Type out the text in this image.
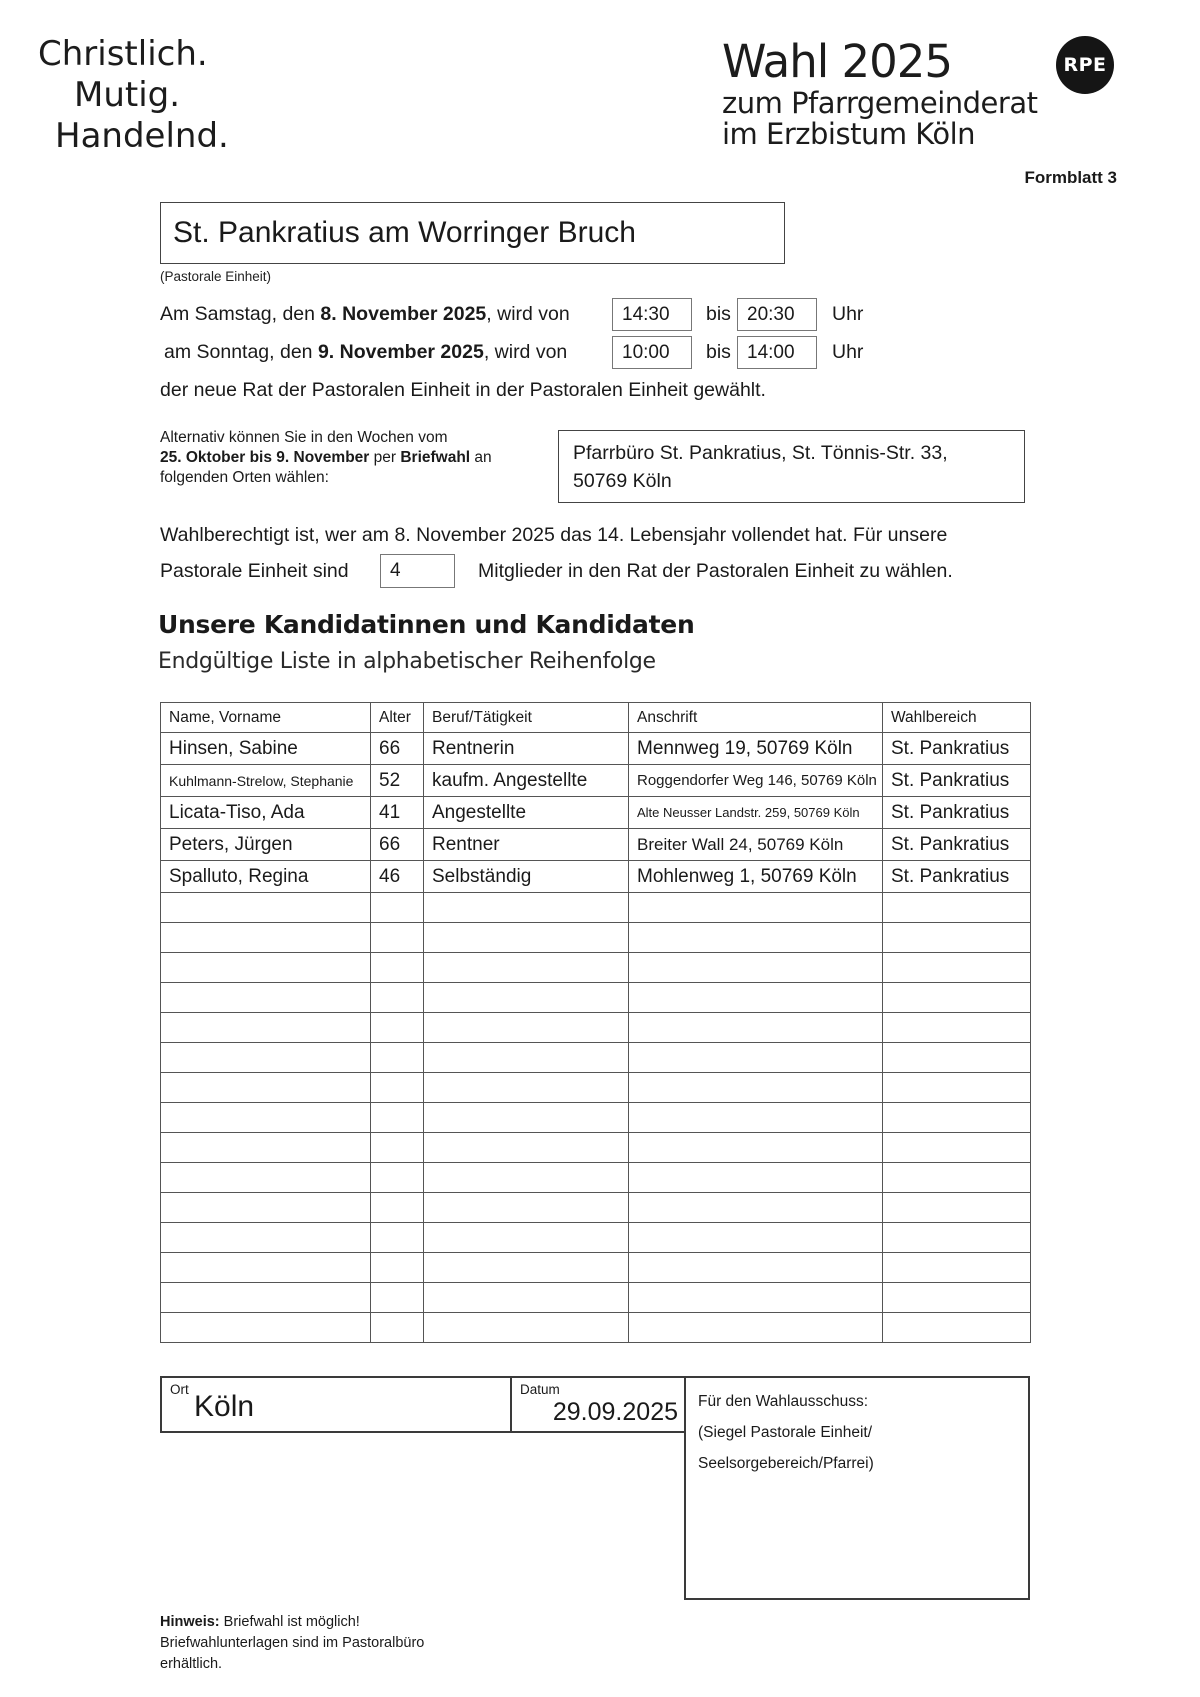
Christlich.
Mutig.
Handelnd.
Wahl 2025
zum Pfarrgemeinderat
im Erzbistum Köln
RPE
Formblatt 3
St. Pankratius am Worringer Bruch
(Pastorale Einheit)
Am Samstag, den 8. November 2025, wird von	14:30	bis 20:30	Uhr
am Sonntag, den 9. November 2025, wird von	10:00	bis 14:00	Uhr
der neue Rat der Pastoralen Einheit in der Pastoralen Einheit gewählt.
Alternativ können Sie in den Wochen vom
25. Oktober bis 9. November per Briefwahl an
folgenden Orten wählen:
Pfarrbüro St. Pankratius, St. Tönnis-Str. 33,
50769 Köln
Wahlberechtigt ist, wer am 8. November 2025 das 14. Lebensjahr vollendet hat. Für unsere
Pastorale Einheit sind	4	Mitglieder in den Rat der Pastoralen Einheit zu wählen.
Unsere Kandidatinnen und Kandidaten
Endgültige Liste in alphabetischer Reihenfolge
Name, Vorname	Alter	Beruf/Tätigkeit	Anschrift	Wahlbereich
Hinsen, Sabine	66	Rentnerin	Mennweg 19, 50769 Köln	St. Pankratius
Kuhlmann-Strelow, Stephanie	52	kaufm. Angestellte	Roggendorfer Weg 146, 50769 Köln	St. Pankratius
Licata-Tiso, Ada	41	Angestellte	Alte Neusser Landstr. 259, 50769 Köln	St. Pankratius
Peters, Jürgen	66	Rentner	Breiter Wall 24, 50769 Köln	St. Pankratius
Spalluto, Regina	46	Selbständig	Mohlenweg 1, 50769 Köln	St. Pankratius

Ort
Köln
Datum
29.09.2025 Für den Wahlausschuss:
(Siegel Pastorale Einheit/
Seelsorgebereich/Pfarrei)
Hinweis: Briefwahl ist möglich!
Briefwahlunterlagen sind im Pastoralbüro
erhältlich.
